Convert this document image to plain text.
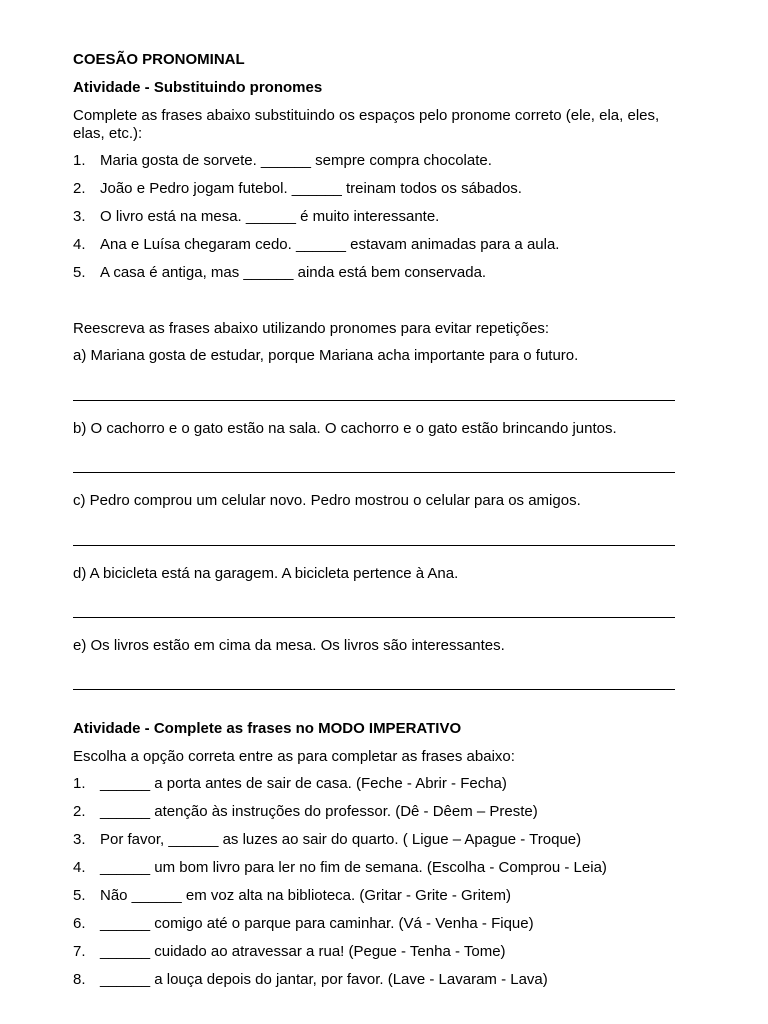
COESÃO PRONOMINAL
Atividade - Substituindo pronomes
Complete as frases abaixo substituindo os espaços pelo pronome correto (ele, ela, eles,
elas, etc.):
1. Maria gosta de sorvete. ______ sempre compra chocolate.
2. João e Pedro jogam futebol. ______ treinam todos os sábados.
3. O livro está na mesa. ______ é muito interessante.
4. Ana e Luísa chegaram cedo. ______ estavam animadas para a aula.
5. A casa é antiga, mas ______ ainda está bem conservada.
Reescreva as frases abaixo utilizando pronomes para evitar repetições:
a) Mariana gosta de estudar, porque Mariana acha importante para o futuro.
b) O cachorro e o gato estão na sala. O cachorro e o gato estão brincando juntos.
c) Pedro comprou um celular novo. Pedro mostrou o celular para os amigos.
d) A bicicleta está na garagem. A bicicleta pertence à Ana.
e) Os livros estão em cima da mesa. Os livros são interessantes.
Atividade - Complete as frases no MODO IMPERATIVO
Escolha a opção correta entre as para completar as frases abaixo:
1. ______ a porta antes de sair de casa. (Feche - Abrir - Fecha)
2. ______ atenção às instruções do professor. (Dê - Dêem – Preste)
3. Por favor, ______ as luzes ao sair do quarto. ( Ligue – Apague - Troque)
4. ______ um bom livro para ler no fim de semana. (Escolha - Comprou - Leia)
5. Não ______ em voz alta na biblioteca. (Gritar - Grite - Gritem)
6. ______ comigo até o parque para caminhar. (Vá - Venha - Fique)
7. ______ cuidado ao atravessar a rua! (Pegue - Tenha - Tome)
8. ______ a louça depois do jantar, por favor. (Lave - Lavaram - Lava)
